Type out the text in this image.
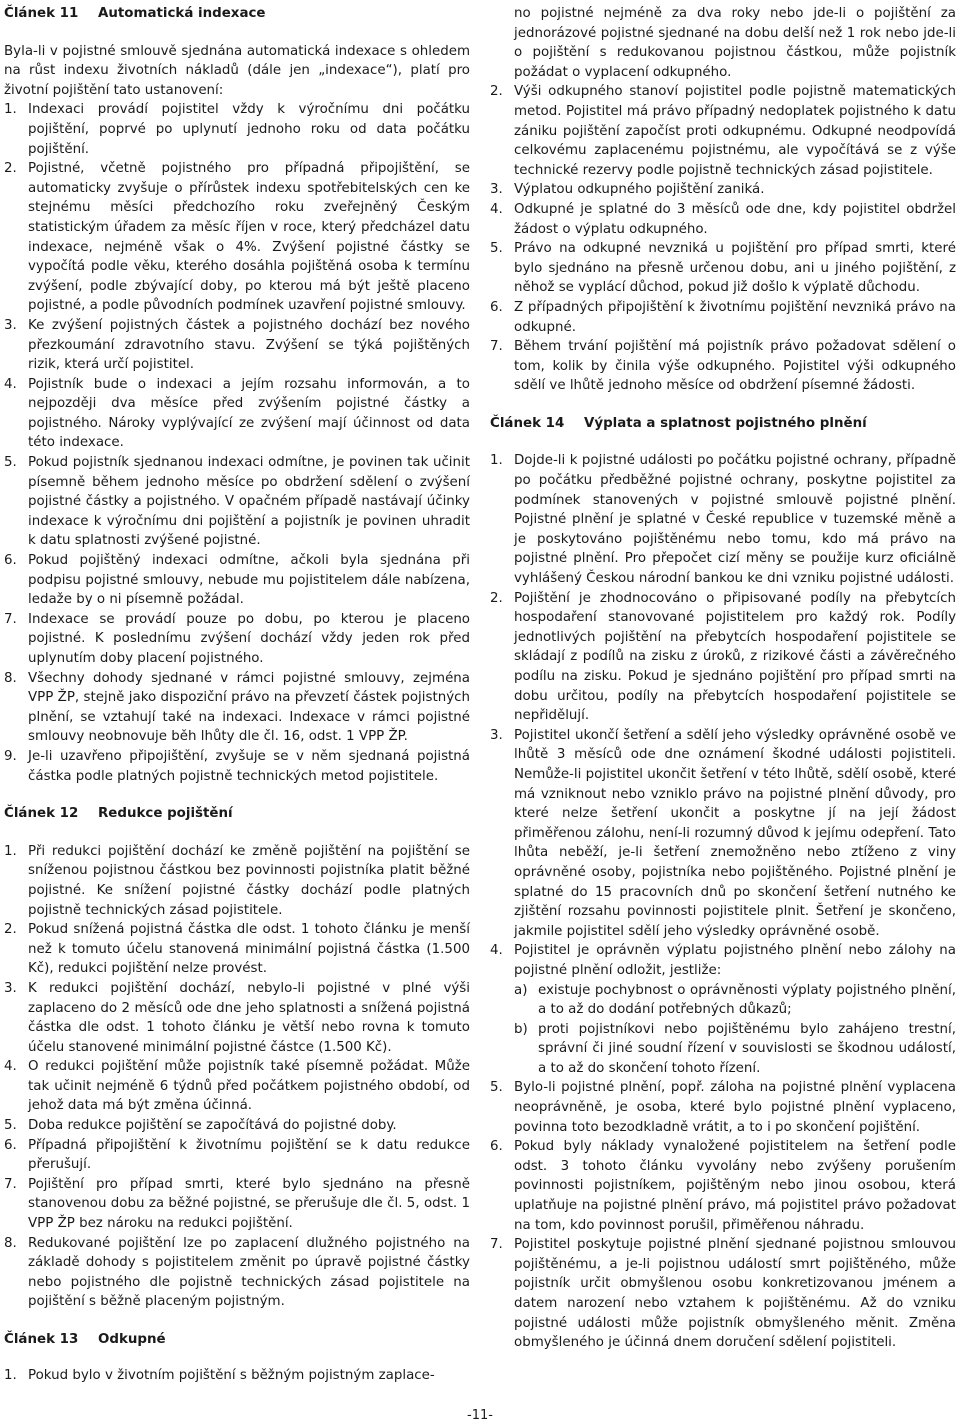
Článek 11	Automatická indexace

Byla-li v pojistné smlouvě sjednána automatická indexace s ohledem na růst indexu životních nákladů (dále jen „indexace“), platí pro životní pojištění tato ustanovení:

1. Indexaci provádí pojistitel vždy k výročnímu dni počátku pojištění, poprvé po uplynutí jednoho roku od data počátku pojištění.
2. Pojistné, včetně pojistného pro případná připojištění, se automaticky zvyšuje o přírůstek indexu spotřebitelských cen ke stejnému měsíci předchozího roku zveřejněný Českým statistickým úřadem za měsíc říjen v roce, který předcházel datu indexace, nejméně však o 4%. Zvýšení pojistné částky se vypočítá podle věku, kterého dosáhla pojištěná osoba k termínu zvýšení, podle zbývající doby, po kterou má být ještě placeno pojistné, a podle původních podmínek uzavření pojistné smlouvy.
3. Ke zvýšení pojistných částek a pojistného dochází bez nového přezkoumání zdravotního stavu. Zvýšení se týká pojištěných rizik, která určí pojistitel.
4. Pojistník bude o indexaci a jejím rozsahu informován, a to nejpozději dva měsíce před zvýšením pojistné částky a pojistného. Nároky vyplývající ze zvýšení mají účinnost od data této indexace.
5. Pokud pojistník sjednanou indexaci odmítne, je povinen tak učinit písemně během jednoho měsíce po obdržení sdělení o zvýšení pojistné částky a pojistného. V opačném případě nastávají účinky indexace k výročnímu dni pojištění a pojistník je povinen uhradit k datu splatnosti zvýšené pojistné.
6. Pokud pojištěný indexaci odmítne, ačkoli byla sjednána při podpisu pojistné smlouvy, nebude mu pojistitelem dále nabízena, ledaže by o ni písemně požádal.
7. Indexace se provádí pouze po dobu, po kterou je placeno pojistné. K poslednímu zvýšení dochází vždy jeden rok před uplynutím doby placení pojistného.
8. Všechny dohody sjednané v rámci pojistné smlouvy, zejména VPP ŽP, stejně jako dispoziční právo na převzetí částek pojistných plnění, se vztahují také na indexaci. Indexace v rámci pojistné smlouvy neobnovuje běh lhůty dle čl. 16, odst. 1 VPP ŽP.
9. Je-li uzavřeno připojištění, zvyšuje se v něm sjednaná pojistná částka podle platných pojistně technických metod pojistitele.
Článek 12	Redukce pojištění
1. Při redukci pojištění dochází ke změně pojištění na pojištění se sníženou pojistnou částkou bez povinnosti pojistníka platit běžné pojistné. Ke snížení pojistné částky dochází podle platných pojistně technických zásad pojistitele.
2. Pokud snížená pojistná částka dle odst. 1 tohoto článku je menší než k tomuto účelu stanovená minimální pojistná částka (1.500 Kč), redukci pojištění nelze provést.
3. K redukci pojištění dochází, nebylo-li pojistné v plné výši zaplaceno do 2 měsíců ode dne jeho splatnosti a snížená pojistná částka dle odst. 1 tohoto článku je větší nebo rovna k tomuto účelu stanovené minimální pojistné částce (1.500 Kč).
4. O redukci pojištění může pojistník také písemně požádat. Může tak učinit nejméně 6 týdnů před počátkem pojistného období, od jehož data má být změna účinná.
5. Doba redukce pojištění se započítává do pojistné doby.
6. Případná připojištění k životnímu pojištění se k datu redukce přerušují.
7. Pojištění pro případ smrti, které bylo sjednáno na přesně stanovenou dobu za běžné pojistné, se přerušuje dle čl. 5, odst. 1 VPP ŽP bez nároku na redukci pojištění.
8. Redukované pojištění lze po zaplacení dlužného pojistného na základě dohody s pojistitelem změnit po úpravě pojistné částky nebo pojistného dle pojistně technických zásad pojistitele na pojištění s běžně placeným pojistným.
Článek 13	Odkupné
1. Pokud bylo v životním pojištění s běžným pojistným zaplace-

no pojistné nejméně za dva roky nebo jde-li o pojištění za jednorázové pojistné sjednané na dobu delší než 1 rok nebo jde-li o pojištění s redukovanou pojistnou částkou, může pojistník požádat o vyplacení odkupného.

2. Výši odkupného stanoví pojistitel podle pojistně matematických metod. Pojistitel má právo případný nedoplatek pojistného k datu zániku pojištění započíst proti odkupnému. Odkupné neodpovídá celkovému zaplacenému pojistnému, ale vypočítává se z výše technické rezervy podle pojistně technických zásad pojistitele.
3. Výplatou odkupného pojištění zaniká.
4. Odkupné je splatné do 3 měsíců ode dne, kdy pojistitel obdržel žádost o výplatu odkupného.
5. Právo na odkupné nevzniká u pojištění pro případ smrti, které bylo sjednáno na přesně určenou dobu, ani u jiného pojištění, z něhož se vyplácí důchod, pokud již došlo k výplatě důchodu.
6. Z případných připojištění k životnímu pojištění nevzniká právo na odkupné.
7. Během trvání pojištění má pojistník právo požadovat sdělení o tom, kolik by činila výše odkupného. Pojistitel výši odkupného sdělí ve lhůtě jednoho měsíce od obdržení písemné žádosti.
Článek 14	Výplata a splatnost pojistného plnění
1. Dojde-li k pojistné události po počátku pojistné ochrany, případně po počátku předběžné pojistné ochrany, poskytne pojistitel za podmínek stanovených v pojistné smlouvě pojistné plnění. Pojistné plnění je splatné v České republice v tuzemské měně a je poskytováno pojištěnému nebo tomu, kdo má právo na pojistné plnění. Pro přepočet cizí měny se použije kurz oficiálně vyhlášený Českou národní bankou ke dni vzniku pojistné události.
2. Pojištění je zhodnocováno o připisované podíly na přebytcích hospodaření stanovované pojistitelem pro každý rok. Podíly jednotlivých pojištění na přebytcích hospodaření pojistitele se skládají z podílů na zisku z úroků, z rizikové části a závěrečného podílu na zisku. Pokud je sjednáno pojištění pro případ smrti na dobu určitou, podíly na přebytcích hospodaření pojistitele se nepřidělují.
3. Pojistitel ukončí šetření a sdělí jeho výsledky oprávněné osobě ve lhůtě 3 měsíců ode dne oznámení škodné události pojistiteli. Nemůže-li pojistitel ukončit šetření v této lhůtě, sdělí osobě, které má vzniknout nebo vzniklo právo na pojistné plnění důvody, pro které nelze šetření ukončit a poskytne jí na její žádost přiměřenou zálohu, není-li rozumný důvod k jejímu odepření. Tato lhůta neběží, je-li šetření znemožněno nebo ztíženo z viny oprávněné osoby, pojistníka nebo pojištěného. Pojistné plnění je splatné do 15 pracovních dnů po skončení šetření nutného ke zjištění rozsahu povinnosti pojistitele plnit. Šetření je skončeno, jakmile pojistitel sdělí jeho výsledky oprávněné osobě.
4. Pojistitel je oprávněn výplatu pojistného plnění nebo zálohy na pojistné plnění odložit, jestliže:
a) existuje pochybnost o oprávněnosti výplaty pojistného plnění, a to až do dodání potřebných důkazů;
b) proti pojistníkovi nebo pojištěnému bylo zahájeno trestní, správní či jiné soudní řízení v souvislosti se škodnou událostí, a to až do skončení tohoto řízení.
5. Bylo-li pojistné plnění, popř. záloha na pojistné plnění vyplacena neoprávněně, je osoba, které bylo pojistné plnění vyplaceno, povinna toto bezodkladně vrátit, a to i po skončení pojištění.
6. Pokud byly náklady vynaložené pojistitelem na šetření podle odst. 3 tohoto článku vyvolány nebo zvýšeny porušením povinnosti pojistníkem, pojištěným nebo jinou osobou, která uplatňuje na pojistné plnění právo, má pojistitel právo požadovat na tom, kdo povinnost porušil, přiměřenou náhradu.
7. Pojistitel poskytuje pojistné plnění sjednané pojistnou smlouvou pojištěnému, a je-li pojistnou událostí smrt pojištěného, může pojistník určit obmyšlenou osobu konkretizovanou jménem a datem narození nebo vztahem k pojištěnému. Až do vzniku pojistné události může pojistník obmyšleného měnit. Změna obmyšleného je účinná dnem doručení sdělení pojistiteli.
-11-
